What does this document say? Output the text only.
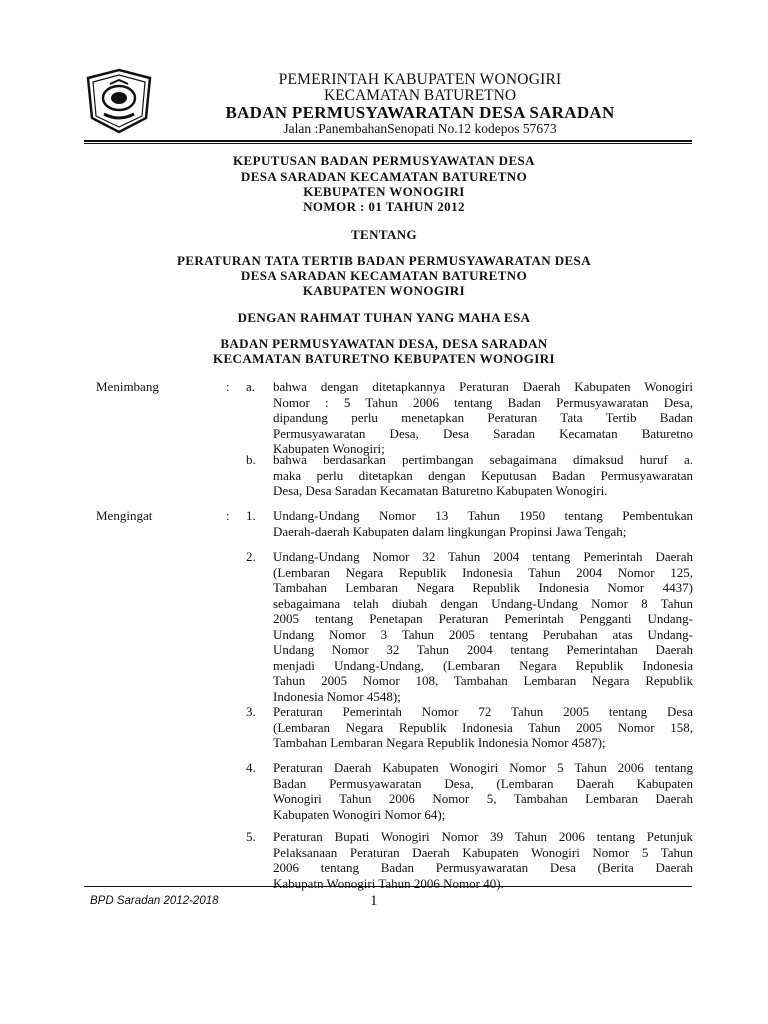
PEMERINTAH KABUPATEN WONOGIRI
KECAMATAN BATURETNO
BADAN PERMUSYAWARATAN DESA SARADAN
Jalan :PanembahanSenopati No.12 kodepos 57673
KEPUTUSAN BADAN PERMUSYAWATAN DESA
DESA SARADAN KECAMATAN BATURETNO
KEBUPATEN WONOGIRI
NOMOR : 01 TAHUN 2012
TENTANG
PERATURAN TATA TERTIB BADAN PERMUSYAWARATAN DESA
DESA SARADAN KECAMATAN BATURETNO
KABUPATEN WONOGIRI
DENGAN RAHMAT TUHAN YANG MAHA ESA
BADAN PERMUSYAWATAN DESA, DESA SARADAN
KECAMATAN BATURETNO KEBUPATEN WONOGIRI
Menimbang	: a. bahwa dengan ditetapkannya Peraturan Daerah Kabupaten Wonogiri
Nomor : 5 Tahun 2006 tentang Badan Permusyawaratan Desa,
dipandung perlu menetapkan Peraturan Tata Tertib Badan
Permusyawaratan Desa, Desa Saradan Kecamatan Baturetno
Kabupaten Wonogiri;
b. bahwa berdasarkan pertimbangan sebagaimana dimaksud huruf a.
maka perlu ditetapkan dengan Keputusan Badan Permusyawaratan
Desa, Desa Saradan Kecamatan Baturetno Kabupaten Wonogiri.
Mengingat	: 1. Undang-Undang Nomor 13 Tahun 1950 tentang Pembentukan
Daerah-daerah Kabupaten dalam lingkungan Propinsi Jawa Tengah;
2. Undang-Undang Nomor 32 Tahun 2004 tentang Pemerintah Daerah
(Lembaran Negara Republik Indonesia Tahun 2004 Nomor 125,
Tambahan Lembaran Negara Republik Indonesia Nomor 4437)
sebagaimana telah diubah dengan Undang-Undang Nomor 8 Tahun
2005 tentang Penetapan Peraturan Pemerintah Pengganti Undang-
Undang Nomor 3 Tahun 2005 tentang Perubahan atas Undang-
Undang Nomor 32 Tahun 2004 tentang Pemerintahan Daerah
menjadi Undang-Undang, (Lembaran Negara Republik Indonesia
Tahun 2005 Nomor 108, Tambahan Lembaran Negara Republik
Indonesia Nomor 4548);
3. Peraturan Pemerintah Nomor 72 Tahun 2005 tentang Desa
(Lembaran Negara Republik Indonesia Tahun 2005 Nomor 158,
Tambahan Lembaran Negara Republik Indonesia Nomor 4587);
4. Peraturan Daerah Kabupaten Wonogiri Nomor 5 Tahun 2006 tentang
Badan Permusyawaratan Desa, (Lembaran Daerah Kabupaten
Wonogiri Tahun 2006 Nomor 5, Tambahan Lembaran Daerah
Kabupaten Wonogiri Nomor 64);
5. Peraturan Bupati Wonogiri Nomor 39 Tahun 2006 tentang Petunjuk
Pelaksanaan Peraturan Daerah Kabupaten Wonogiri Nomor 5 Tahun
2006 tentang Badan Permusyawaratan Desa (Berita Daerah
Kabupatn Wonogiri Tahun 2006 Nomor 40).
BPD Saradan 2012-2018	1
